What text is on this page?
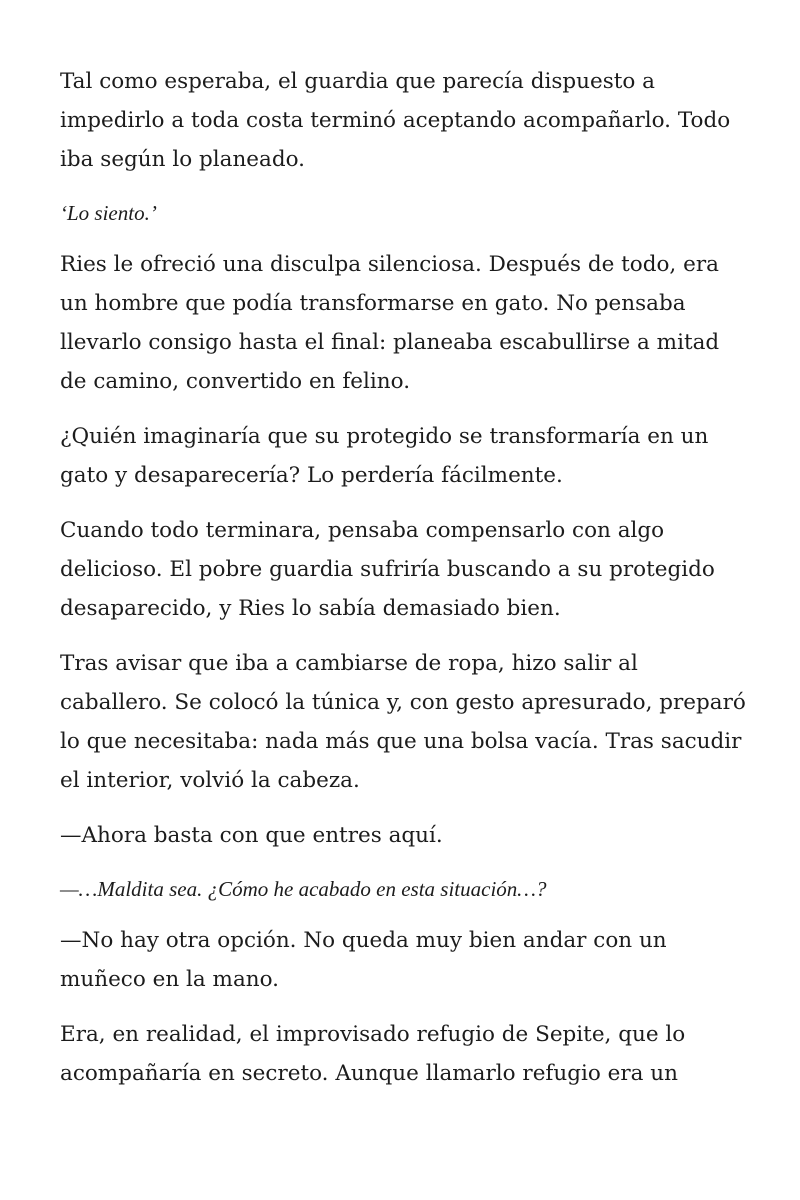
Tal como esperaba, el guardia que parecía dispuesto a impedirlo a toda costa terminó aceptando acompañarlo. Todo iba según lo planeado.

‘Lo siento.’

Ries le ofreció una disculpa silenciosa. Después de todo, era un hombre que podía transformarse en gato. No pensaba llevarlo consigo hasta el final: planeaba escabullirse a mitad de camino, convertido en felino.

¿Quién imaginaría que su protegido se transformaría en un gato y desaparecería? Lo perdería fácilmente.

Cuando todo terminara, pensaba compensarlo con algo delicioso. El pobre guardia sufriría buscando a su protegido desaparecido, y Ries lo sabía demasiado bien.

Tras avisar que iba a cambiarse de ropa, hizo salir al caballero. Se colocó la túnica y, con gesto apresurado, preparó lo que necesitaba: nada más que una bolsa vacía. Tras sacudir el interior, volvió la cabeza.

—Ahora basta con que entres aquí.

—…Maldita sea. ¿Cómo he acabado en esta situación…?

—No hay otra opción. No queda muy bien andar con un muñeco en la mano.

Era, en realidad, el improvisado refugio de Sepite, que lo acompañaría en secreto. Aunque llamarlo refugio era un
